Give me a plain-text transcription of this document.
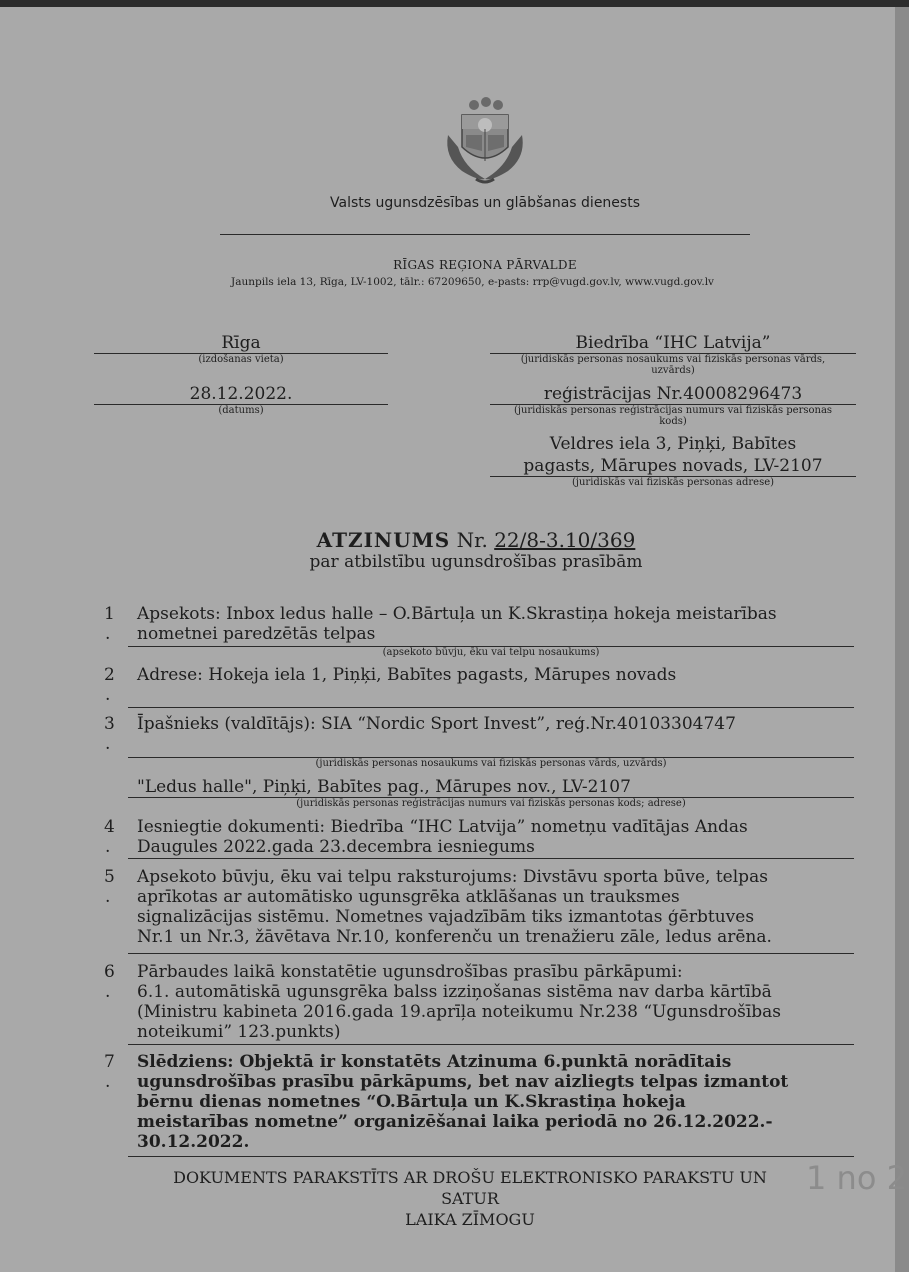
Valsts ugunsdzēsības un glābšanas dienests
RĪGAS REĢIONA PĀRVALDE
Jaunpils iela 13, Rīga, LV-1002, tālr.: 67209650, e-pasts: rrp@vugd.gov.lv, www.vugd.gov.lv
Rīga
(izdošanas vieta)
28.12.2022.
(datums)
Biedrība “IHC Latvija”
(juridiskās personas nosaukums vai fiziskās personas vārds, uzvārds)
reģistrācijas Nr.40008296473
(juridiskās personas reģistrācijas numurs vai fiziskās personas kods)
Veldres iela 3, Piņķi, Babītes
pagasts, Mārupes novads, LV-2107
(juridiskās vai fiziskās personas adrese)
ATZINUMS Nr. 22/8-3.10/369
par atbilstību ugunsdrošības prasībām
1
.
Apsekots: Inbox ledus halle – O.Bārtuļa un K.Skrastiņa hokeja meistarības
nometnei paredzētās telpas
(apsekoto būvju, ēku vai telpu nosaukums)
2
.
Adrese: Hokeja iela 1, Piņķi, Babītes pagasts, Mārupes novads
3
.
Īpašnieks (valdītājs): SIA “Nordic Sport Invest”, reģ.Nr.40103304747
(juridiskās personas nosaukums vai fiziskās personas vārds, uzvārds)
"Ledus halle", Piņķi, Babītes pag., Mārupes nov., LV-2107
(juridiskās personas reģistrācijas numurs vai fiziskās personas kods; adrese)
4
.
Iesniegtie dokumenti: Biedrība “IHC Latvija” nometņu vadītājas Andas
Daugules 2022.gada 23.decembra iesniegums
5
.
Apsekoto būvju, ēku vai telpu raksturojums: Divstāvu sporta būve, telpas
aprīkotas ar automātisko ugunsgrēka atklāšanas un trauksmes
signalizācijas sistēmu. Nometnes vajadzībām tiks izmantotas ģērbtuves
Nr.1 un Nr.3, žāvētava Nr.10, konferenču un trenažieru zāle, ledus arēna.
6
.
Pārbaudes laikā konstatētie ugunsdrošības prasību pārkāpumi:
6.1. automātiskā ugunsgrēka balss izziņošanas sistēma nav darba kārtībā
(Ministru kabineta 2016.gada 19.aprīļa noteikumu Nr.238 “Ugunsdrošības
noteikumi” 123.punkts)
7
.
Slēdziens: Objektā ir konstatēts Atzinuma 6.punktā norādītais
ugunsdrošības prasību pārkāpums, bet nav aizliegts telpas izmantot
bērnu dienas nometnes “O.Bārtuļa un K.Skrastiņa hokeja
meistarības nometne” organizēšanai laika periodā no 26.12.2022.-
30.12.2022.
DOKUMENTS PARAKSTĪTS AR DROŠU ELEKTRONISKO PARAKSTU UN
SATUR
LAIKA ZĪMOGU
1 no 2
